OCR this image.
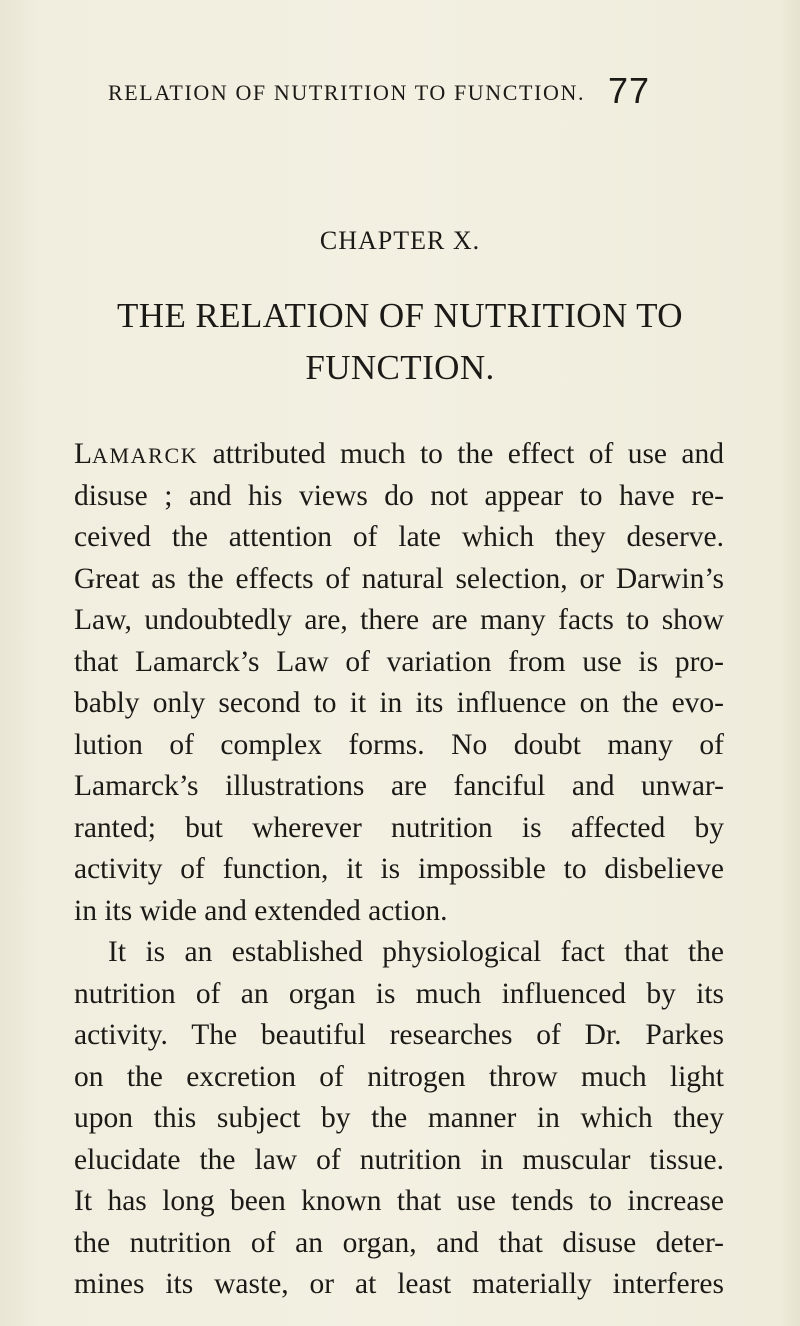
RELATION OF NUTRITION TO FUNCTION. 77
CHAPTER X.
THE RELATION OF NUTRITION TO
FUNCTION.
LAMARCK attributed much to the effect of use and
disuse ; and his views do not appear to have re-
ceived the attention of late which they deserve.
Great as the effects of natural selection, or Darwin’s
Law, undoubtedly are, there are many facts to show
that Lamarck’s Law of variation from use is pro-
bably only second to it in its influence on the evo-
lution of complex forms. No doubt many of
Lamarck’s illustrations are fanciful and unwar-
ranted; but wherever nutrition is affected by
activity of function, it is impossible to disbelieve
in its wide and extended action.
It is an established physiological fact that the
nutrition of an organ is much influenced by its
activity. The beautiful researches of Dr. Parkes
on the excretion of nitrogen throw much light
upon this subject by the manner in which they
elucidate the law of nutrition in muscular tissue.
It has long been known that use tends to increase
the nutrition of an organ, and that disuse deter-
mines its waste, or at least materially interferes
